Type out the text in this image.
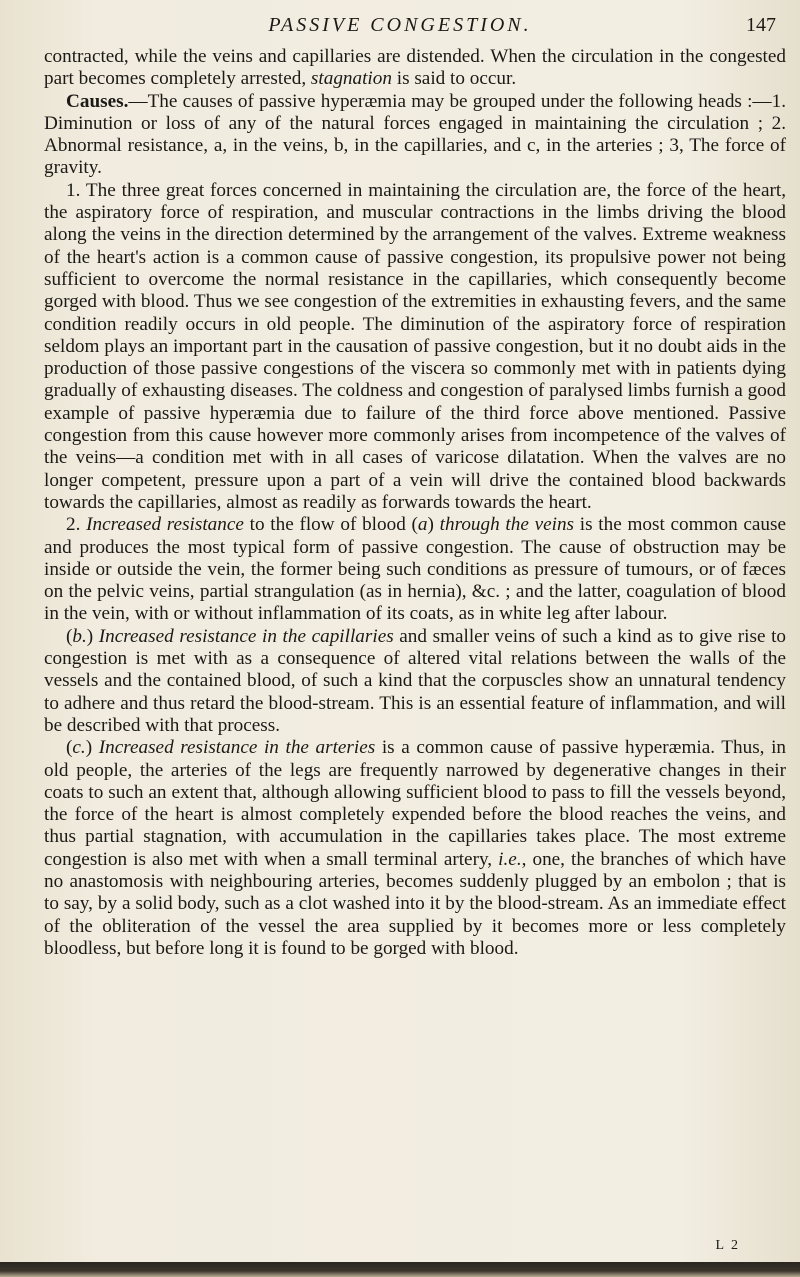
PASSIVE CONGESTION.	147

contracted, while the veins and capillaries are distended. When the circulation in the congested part becomes completely arrested, stagnation is said to occur.

Causes.—The causes of passive hyperæmia may be grouped under the following heads :—1. Diminution or loss of any of the natural forces engaged in maintaining the circulation ; 2. Abnormal resistance, a, in the veins, b, in the capillaries, and c, in the arteries ; 3, The force of gravity.

1. The three great forces concerned in maintaining the circulation are, the force of the heart, the aspiratory force of respiration, and muscular contractions in the limbs driving the blood along the veins in the direction determined by the arrangement of the valves. Extreme weakness of the heart's action is a common cause of passive congestion, its propulsive power not being sufficient to overcome the normal resistance in the capillaries, which consequently become gorged with blood. Thus we see congestion of the extremities in exhausting fevers, and the same condition readily occurs in old people. The diminution of the aspiratory force of respiration seldom plays an important part in the causation of passive congestion, but it no doubt aids in the production of those passive congestions of the viscera so commonly met with in patients dying gradually of exhausting diseases. The coldness and congestion of paralysed limbs furnish a good example of passive hyperæmia due to failure of the third force above mentioned. Passive congestion from this cause however more commonly arises from incompetence of the valves of the veins—a condition met with in all cases of varicose dilatation. When the valves are no longer competent, pressure upon a part of a vein will drive the contained blood backwards towards the capillaries, almost as readily as forwards towards the heart.

2. Increased resistance to the flow of blood (a) through the veins is the most common cause and produces the most typical form of passive congestion. The cause of obstruction may be inside or outside the vein, the former being such conditions as pressure of tumours, or of fæces on the pelvic veins, partial strangulation (as in hernia), &c. ; and the latter, coagulation of blood in the vein, with or without inflammation of its coats, as in white leg after labour.

(b.) Increased resistance in the capillaries and smaller veins of such a kind as to give rise to congestion is met with as a consequence of altered vital relations between the walls of the vessels and the contained blood, of such a kind that the corpuscles show an unnatural tendency to adhere and thus retard the blood-stream. This is an essential feature of inflammation, and will be described with that process.

(c.) Increased resistance in the arteries is a common cause of passive hyperæmia. Thus, in old people, the arteries of the legs are frequently narrowed by degenerative changes in their coats to such an extent that, although allowing sufficient blood to pass to fill the vessels beyond, the force of the heart is almost completely expended before the blood reaches the veins, and thus partial stagnation, with accumulation in the capillaries takes place. The most extreme congestion is also met with when a small terminal artery, i.e., one, the branches of which have no anastomosis with neighbouring arteries, becomes suddenly plugged by an embolon ; that is to say, by a solid body, such as a clot washed into it by the blood-stream. As an immediate effect of the obliteration of the vessel the area supplied by it becomes more or less completely bloodless, but before long it is found to be gorged with blood.

L 2
